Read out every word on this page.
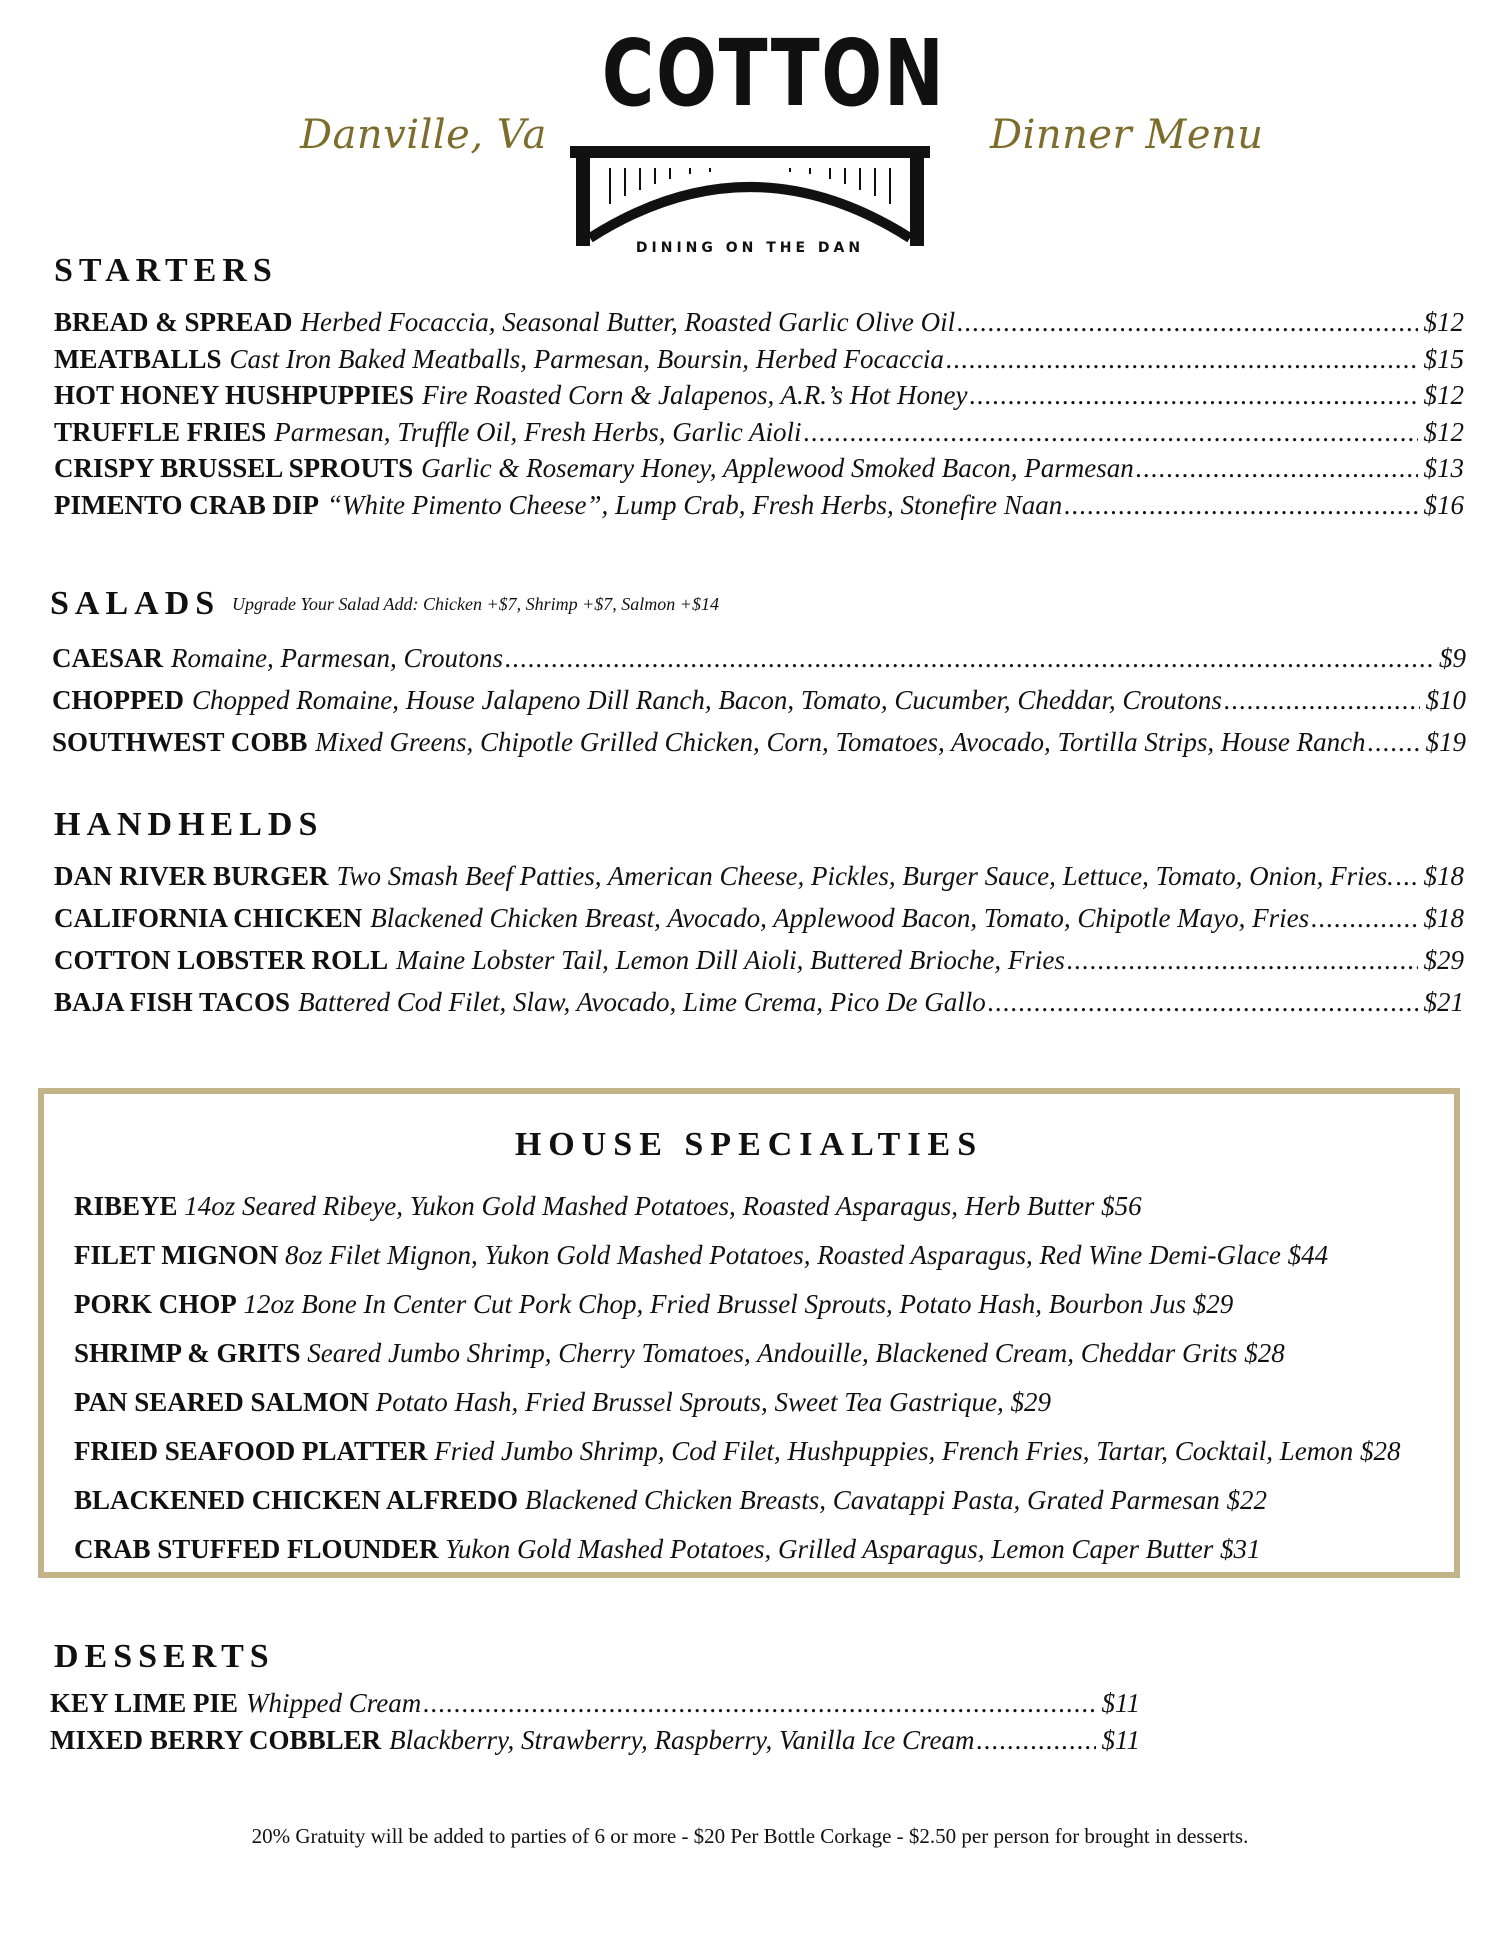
Danville, Va	Dinner Menu
COTTON
DINING ON THE DAN
STARTERS
BREAD & SPREAD Herbed Focaccia, Seasonal Butter, Roasted Garlic Olive Oil .....	$12
MEATBALLS Cast Iron Baked Meatballs, Parmesan, Boursin, Herbed Focaccia .....	$15
HOT HONEY HUSHPUPPIES Fire Roasted Corn & Jalapenos, A.R.’s Hot Honey .....	$12
TRUFFLE FRIES Parmesan, Truffle Oil, Fresh Herbs, Garlic Aioli .....	$12
CRISPY BRUSSEL SPROUTS Garlic & Rosemary Honey, Applewood Smoked Bacon, Parmesan .....	$13
PIMENTO CRAB DIP “White Pimento Cheese”, Lump Crab, Fresh Herbs, Stonefire Naan .....	$16
SALADS Upgrade Your Salad Add: Chicken +$7, Shrimp +$7, Salmon +$14
CAESAR Romaine, Parmesan, Croutons .....	$9
CHOPPED Chopped Romaine, House Jalapeno Dill Ranch, Bacon, Tomato, Cucumber, Cheddar, Croutons .....	$10
SOUTHWEST COBB Mixed Greens, Chipotle Grilled Chicken, Corn, Tomatoes, Avocado, Tortilla Strips, House Ranch ..... $19
HANDHELDS
DAN RIVER BURGER Two Smash Beef Patties, American Cheese, Pickles, Burger Sauce, Lettuce, Tomato, Onion, Fries. ..... $18
CALIFORNIA CHICKEN Blackened Chicken Breast, Avocado, Applewood Bacon, Tomato, Chipotle Mayo, Fries .....	$18
COTTON LOBSTER ROLL Maine Lobster Tail, Lemon Dill Aioli, Buttered Brioche, Fries .....	$29
BAJA FISH TACOS Battered Cod Filet, Slaw, Avocado, Lime Crema, Pico De Gallo .....	$21
HOUSE SPECIALTIES
RIBEYE 14oz Seared Ribeye, Yukon Gold Mashed Potatoes, Roasted Asparagus, Herb Butter $56
FILET MIGNON 8oz Filet Mignon, Yukon Gold Mashed Potatoes, Roasted Asparagus, Red Wine Demi-Glace $44
PORK CHOP 12oz Bone In Center Cut Pork Chop, Fried Brussel Sprouts, Potato Hash, Bourbon Jus $29
SHRIMP & GRITS Seared Jumbo Shrimp, Cherry Tomatoes, Andouille, Blackened Cream, Cheddar Grits $28
PAN SEARED SALMON Potato Hash, Fried Brussel Sprouts, Sweet Tea Gastrique, $29
FRIED SEAFOOD PLATTER Fried Jumbo Shrimp, Cod Filet, Hushpuppies, French Fries, Tartar, Cocktail, Lemon $28
BLACKENED CHICKEN ALFREDO Blackened Chicken Breasts, Cavatappi Pasta, Grated Parmesan $22
CRAB STUFFED FLOUNDER Yukon Gold Mashed Potatoes, Grilled Asparagus, Lemon Caper Butter $31
DESSERTS
KEY LIME PIE Whipped Cream .....	$11
MIXED BERRY COBBLER Blackberry, Strawberry, Raspberry, Vanilla Ice Cream .....	$11
20% Gratuity will be added to parties of 6 or more - $20 Per Bottle Corkage - $2.50 per person for brought in desserts.
